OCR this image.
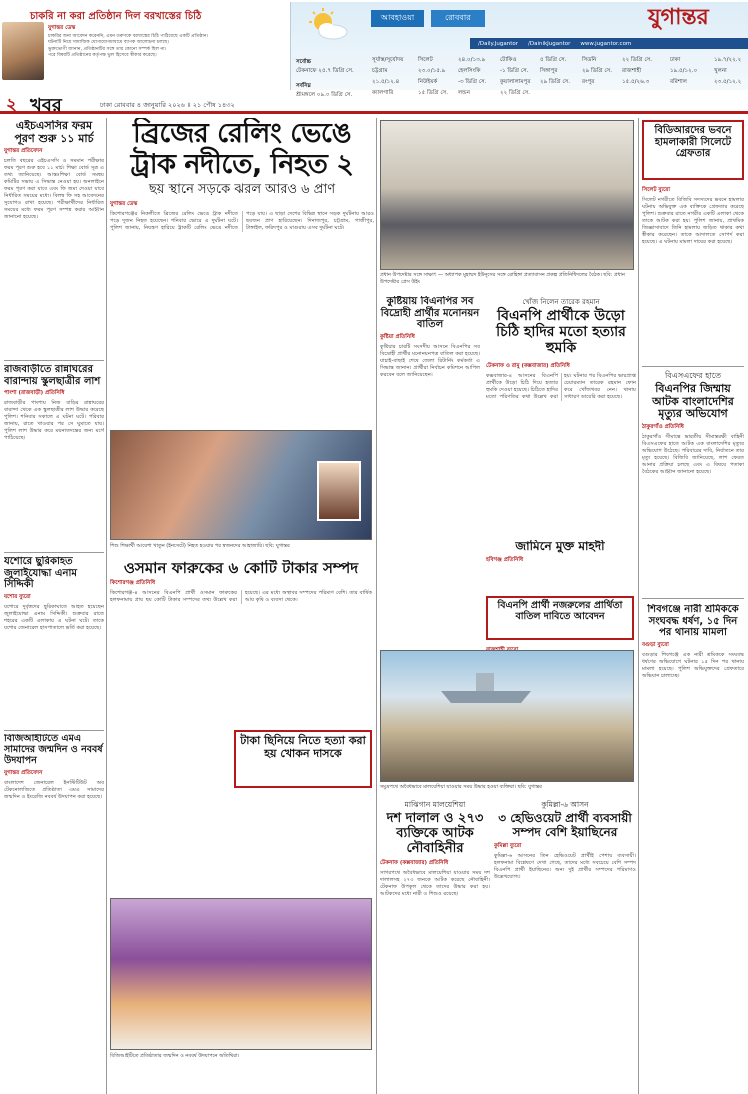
চাকরি না করা প্রতিষ্ঠান দিল বরখাস্তের চিঠি
যুগান্তর ডেস্ক
চাকরির জন্য আবেদন করেননি, এমন তরুণকে বরখাস্তের চিঠি পাঠিয়েছে একটি প্রতিষ্ঠান।
ঘটনাটি নিয়ে সামাজিক যোগাযোগমাধ্যমে ব্যাপক আলোচনা চলছে।
ভুক্তভোগী জানান, প্রতিষ্ঠানটির সঙ্গে তার কোনো সম্পর্ক ছিল না।
পরে বিষয়টি প্রতিষ্ঠানের কর্তৃপক্ষ ভুল হিসেবে স্বীকার করেছে।
আবহাওয়া	রোববার	যুগান্তর
/Daily.Jugantor /DainikJugantor www.jugantor.com
সর্বোচ্চ
টেকনাফে ২৫.৭ ডিগ্রি সে.
সর্বনিম্ন
শ্রীমঙ্গলে ০৯.০ ডিগ্রি সে.
সূর্যাস্ত/সূর্যোদয়	সিলেট	২৪.০/১৩.৯	টোকিও	৫ ডিগ্রি সে.	সিডনি	২২ ডিগ্রি সে.	ঢাকা	১৯.৭/২২.২
চট্টগ্রাম	২৩.০/১৫.৯	হেলসিংকি	-১ ডিগ্রি সে.	সিঙ্গাপুর	২৯ ডিগ্রি সে.	রাজশাহী	১৯.৫/১২.০	খুলনা
২১.৫/১২.৪	নিউইয়র্ক	-৩ ডিগ্রি সে.	কুয়ালালামপুর	২৯ ডিগ্রি সে.	রংপুর	১৫.৫/২৬.৩	বরিশাল	২৩.৫/১২.২
ক্যালগারি	১৫ ডিগ্রি সে.	লন্ডন	২২ ডিগ্রি সে.
২ খবর	ঢাকা রোববার ৪ জানুয়ারি ২০২৬ ॥ ২১ পৌষ ১৪৩২
এইচএসসির ফরম পূরণ শুরু ১১ মার্চ
যুগান্তর প্রতিবেদন
চলতি বছরের এইচএসসি ও সমমান পরীক্ষার ফরম পূরণ শুরু হবে ১১ মার্চ। শিক্ষা বোর্ড সূত্র এ তথ্য জানিয়েছে। আন্তঃশিক্ষা বোর্ড সমন্বয় কমিটির সভায় এ সিদ্ধান্ত নেওয়া হয়। অনলাইনে ফরম পূরণ করা যাবে এবং ফি জমা দেওয়া যাবে নির্ধারিত সময়ের মধ্যে। বিলম্ব ফি সহ আবেদনের সুযোগও রাখা হয়েছে। পরীক্ষার্থীদের নির্ধারিত সময়ের মধ্যে ফরম পূরণ সম্পন্ন করার আহ্বান জানানো হয়েছে।
রাজবাড়ীতে রান্নাঘরের বারান্দায় স্কুলছাত্রীর লাশ
পাংশা (রাজবাড়ী) প্রতিনিধি
রাজবাড়ীর পাংশায় নিজ বাড়ির রান্নাঘরের বারান্দা থেকে এক স্কুলছাত্রীর লাশ উদ্ধার করেছে পুলিশ। শনিবার সকালে এ ঘটনা ঘটে। পরিবার জানায়, রাতে খাওয়ার পর সে ঘুমাতে যায়। পুলিশ লাশ উদ্ধার করে ময়নাতদন্তের জন্য মর্গে পাঠিয়েছে।
যশোরে ছুরিকাহত জুলাইযোদ্ধা এনাম সিদ্দিকী
যশোর ব্যুরো
যশোরে দুর্বৃত্তদের ছুরিকাঘাতে আহত হয়েছেন জুলাইযোদ্ধা এনাম সিদ্দিকী। শুক্রবার রাতে শহরের একটি এলাকায় এ ঘটনা ঘটে। তাকে যশোর জেনারেল হাসপাতালে ভর্তি করা হয়েছে।
বিজিআইটিতে এমএ সামাদের জন্মদিন ও নববর্ষ উদযাপন
যুগান্তর প্রতিবেদন
বাংলাদেশ জেনারেল ইনস্টিটিউট অব টেকনোলজিতে প্রতিষ্ঠাতা এমএ সামাদের জন্মদিন ও ইংরেজি নববর্ষ উদযাপন করা হয়েছে।
ব্রিজের রেলিং ভেঙে
ট্রাক নদীতে, নিহত ২
ছয় স্থানে সড়কে ঝরল আরও ৬ প্রাণ
যুগান্তর ডেস্ক
কিশোরগঞ্জের নিকলীতে ব্রিজের রেলিং ভেঙে ট্রাক নদীতে পড়ে দুজন নিহত হয়েছেন। শনিবার ভোরে এ দুর্ঘটনা ঘটে। পুলিশ জানায়, নিয়ন্ত্রণ হারিয়ে ট্রাকটি রেলিং ভেঙে নদীতে পড়ে যায়। এ ছাড়া দেশের বিভিন্ন স্থানে সড়ক দুর্ঘটনায় আরও ছয়জন প্রাণ হারিয়েছেন। দিনাজপুর, চট্টগ্রাম, গাজীপুর, টাঙ্গাইল, ফরিদপুর ও মাগুরায় এসব দুর্ঘটনা ঘটে।
শিশু শিক্ষার্থী আয়েশা খাতুন (ইনসেটে) নিহত হওয়ার পর স্বজনদের আহাজারি। ছবি: যুগান্তর
ওসমান ফারুকের ৬ কোটি টাকার সম্পদ
কিশোরগঞ্জ প্রতিনিধি
কিশোরগঞ্জ-৪ আসনের বিএনপি প্রার্থী ওসমান ফারুকের হলফনামায় প্রায় ছয় কোটি টাকার সম্পদের তথ্য উল্লেখ করা হয়েছে। এর মধ্যে অস্থাবর সম্পদের পরিমাণ বেশি। তার বার্ষিক আয় কৃষি ও ব্যবসা থেকে।
টাকা ছিনিয়ে নিতে হত্যা করা হয় খোকন দাসকে
বিজিআইটিতে প্রতিষ্ঠাতার জন্মদিন ও নববর্ষ উদযাপনে অতিথিরা।
প্রধান উপদেষ্টার সঙ্গে সাক্ষাৎ — অধ্যাপক মুহাম্মদ ইউনূসের সঙ্গে রোহিঙ্গা প্রত্যাবাসন প্রকল্প প্রতিনিধিদলের বৈঠক। ছবি: প্রধান উপদেষ্টার প্রেস উইং
কুষ্টিয়ায় বিএনপির সব বিদ্রোহী প্রার্থীর মনোনয়ন বাতিল
কুষ্টিয়া প্রতিনিধি
কুষ্টিয়ার চারটি সংসদীয় আসনে বিএনপির সব বিদ্রোহী প্রার্থীর মনোনয়নপত্র বাতিল করা হয়েছে। যাচাই-বাছাই শেষে জেলা রিটার্নিং কর্মকর্তা এ সিদ্ধান্ত জানান। প্রার্থীরা নির্বাচন কমিশনে আপিল করবেন বলে জানিয়েছেন।
খোঁজ নিলেন তারেক রহমান
বিএনপি প্রার্থীকে উড়ো চিঠি হাদির মতো হত্যার হুমকি
টেকনাফ ও রামু (কক্সবাজার) প্রতিনিধি
কক্সবাজার-৪ আসনের বিএনপি প্রার্থীকে উড়ো চিঠি দিয়ে হত্যার হুমকি দেওয়া হয়েছে। চিঠিতে হাদির মতো পরিণতির কথা উল্লেখ করা হয়। ঘটনার পর বিএনপির ভারপ্রাপ্ত চেয়ারম্যান তারেক রহমান ফোন করে খোঁজখবর নেন। থানায় সাধারণ ডায়েরি করা হয়েছে।
বিএনপি প্রার্থী নজরুলের প্রার্থিতা বাতিল দাবিতে আবেদন
জামিনে মুক্ত মাহদী
হবিগঞ্জ প্রতিনিধি
সমুদ্রপথে অবৈধভাবে মালয়েশিয়া যাওয়ার সময় উদ্ধার হওয়া ব্যক্তিরা। ছবি: যুগান্তর
মাঝিগান মালয়েশিয়া
দশ দালাল ও ২৭৩ ব্যক্তিকে আটক নৌবাহিনীর
টেকনাফ (কক্সবাজার) প্রতিনিধি
সাগরপথে অবৈধভাবে মালয়েশিয়া যাওয়ার সময় দশ দালালসহ ২৭৩ জনকে আটক করেছে নৌবাহিনী। টেকনাফ উপকূল থেকে তাদের উদ্ধার করা হয়। আটকদের মধ্যে নারী ও শিশুও রয়েছে।
কুমিল্লা-৬ আসন
৩ হেভিওয়েট প্রার্থী ব্যবসায়ী সম্পদ বেশি ইয়াছিনের
কুমিল্লা ব্যুরো
কুমিল্লা-৬ আসনের তিন হেভিওয়েট প্রার্থীই পেশায় ব্যবসায়ী। হলফনামা বিশ্লেষণে দেখা গেছে, তাদের মধ্যে সবচেয়ে বেশি সম্পদ বিএনপি প্রার্থী ইয়াছিনের। অন্য দুই প্রার্থীর সম্পদের পরিমাণও উল্লেখযোগ্য।
বিডিআরদের ভবনে হামলাকারী সিলেটে গ্রেফতার
সিলেট ব্যুরো
সিলেট নগরীতে বিজিবি সদস্যদের ভবনে হামলার ঘটনায় অভিযুক্ত এক ব্যক্তিকে গ্রেফতার করেছে পুলিশ। শুক্রবার রাতে নগরীর একটি এলাকা থেকে তাকে আটক করা হয়। পুলিশ জানায়, প্রাথমিক জিজ্ঞাসাবাদে তিনি হামলায় জড়িত থাকার কথা স্বীকার করেছেন। তাকে আদালতে সোপর্দ করা হয়েছে। এ ঘটনায় মামলা দায়ের করা হয়েছে।
বিএসএফের হাতে
বিএনপির জিম্মায় আটক বাংলাদেশির মৃত্যুর অভিযোগ
ঠাকুরগাঁও প্রতিনিধি
ঠাকুরগাঁও সীমান্তে ভারতীয় সীমান্তরক্ষী বাহিনী বিএসএফের হাতে আটক এক বাংলাদেশির মৃত্যুর অভিযোগ উঠেছে। পরিবারের দাবি, নির্যাতনে তার মৃত্যু হয়েছে। বিজিবি জানিয়েছে, লাশ ফেরত আনার প্রক্রিয়া চলছে এবং এ বিষয়ে পতাকা বৈঠকের আহ্বান জানানো হয়েছে।
শিবগঞ্জে নারী শ্রমিককে সংঘবদ্ধ ধর্ষণ, ১৫ দিন পর থানায় মামলা
বগুড়া ব্যুরো
বগুড়ার শিবগঞ্জে এক নারী শ্রমিককে সংঘবদ্ধ ধর্ষণের অভিযোগে ঘটনার ১৫ দিন পর থানায় মামলা হয়েছে। পুলিশ অভিযুক্তদের গ্রেফতারে অভিযান চালাচ্ছে।
